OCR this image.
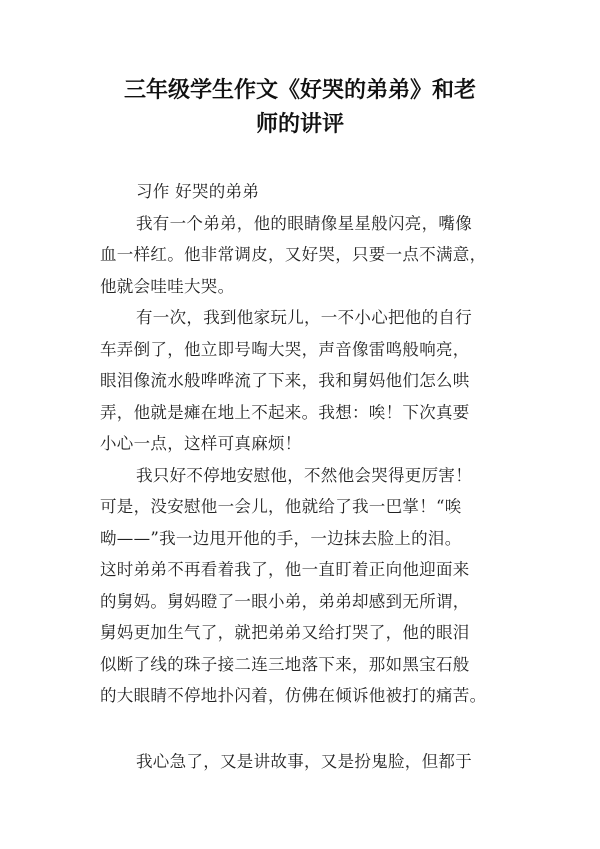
三年级学生作文《好哭的弟弟》和老
师的讲评
习作 好哭的弟弟
我有一个弟弟，他的眼睛像星星般闪亮，嘴像
血一样红。他非常调皮，又好哭，只要一点不满意，
他就会哇哇大哭。
有一次，我到他家玩儿，一不小心把他的自行
车弄倒了，他立即号啕大哭，声音像雷鸣般响亮，
眼泪像流水般哗哗流了下来，我和舅妈他们怎么哄
弄，他就是瘫在地上不起来。我想：唉！下次真要
小心一点，这样可真麻烦！
我只好不停地安慰他，不然他会哭得更厉害！
可是，没安慰他一会儿，他就给了我一巴掌！“唉
呦——”我一边甩开他的手，一边抹去脸上的泪。
这时弟弟不再看着我了，他一直盯着正向他迎面来
的舅妈。舅妈瞪了一眼小弟，弟弟却感到无所谓，
舅妈更加生气了，就把弟弟又给打哭了，他的眼泪
似断了线的珠子接二连三地落下来，那如黑宝石般
的大眼睛不停地扑闪着，仿佛在倾诉他被打的痛苦。
我心急了，又是讲故事，又是扮鬼脸，但都于
